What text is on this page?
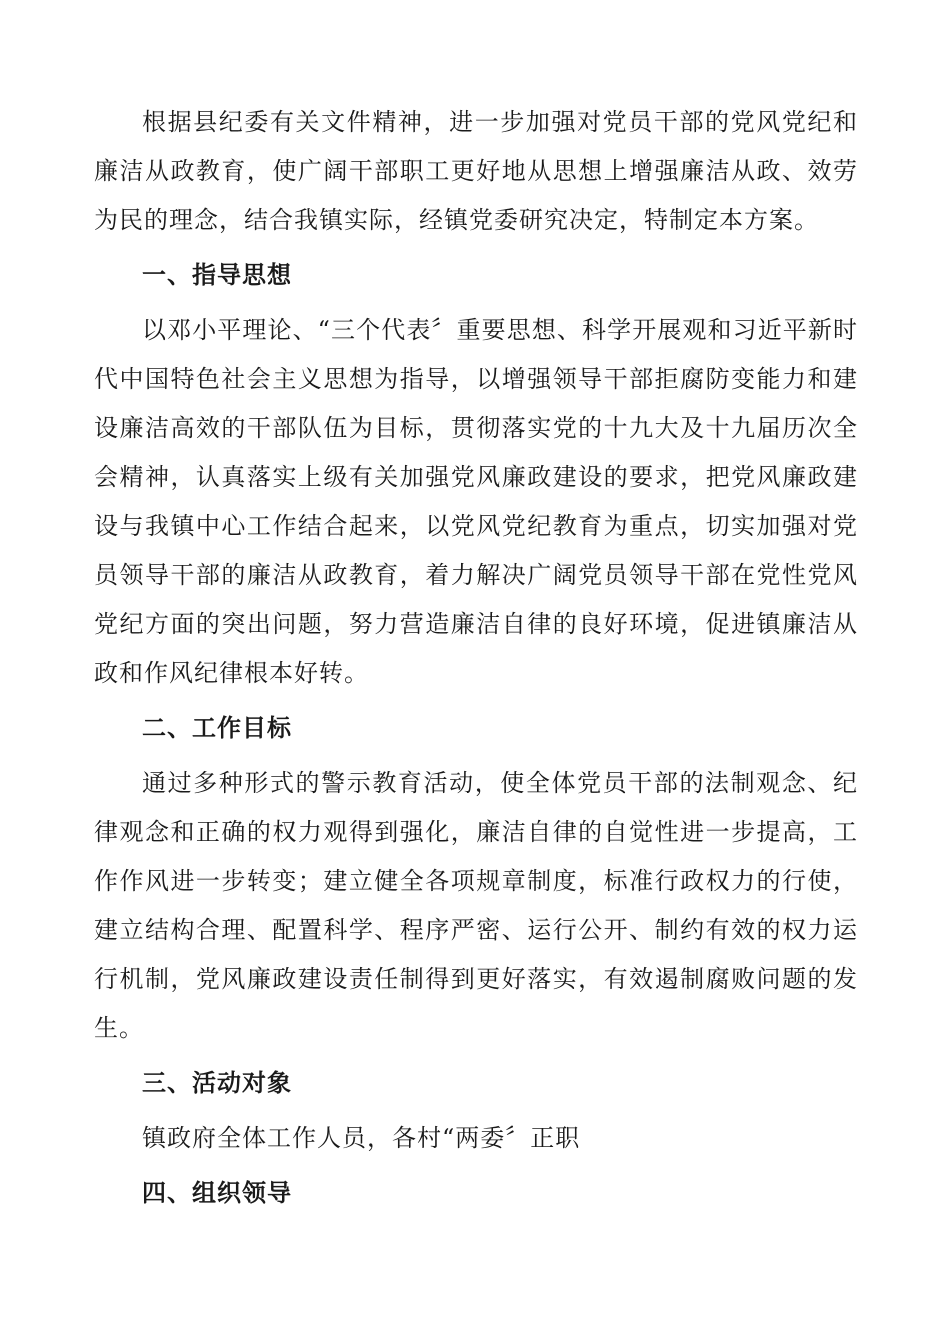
根据县纪委有关文件精神，进一步加强对党员干部的党风党纪和廉洁从政教育，使广阔干部职工更好地从思想上增强廉洁从政、效劳为民的理念，结合我镇实际，经镇党委研究决定，特制定本方案。

一、指导思想

以邓小平理论、“三个代表〞重要思想、科学开展观和习近平新时代中国特色社会主义思想为指导，以增强领导干部拒腐防变能力和建设廉洁高效的干部队伍为目标，贯彻落实党的十九大及十九届历次全会精神，认真落实上级有关加强党风廉政建设的要求，把党风廉政建设与我镇中心工作结合起来，以党风党纪教育为重点，切实加强对党员领导干部的廉洁从政教育，着力解决广阔党员领导干部在党性党风党纪方面的突出问题，努力营造廉洁自律的良好环境，促进镇廉洁从政和作风纪律根本好转。

二、工作目标

通过多种形式的警示教育活动，使全体党员干部的法制观念、纪律观念和正确的权力观得到强化，廉洁自律的自觉性进一步提高，工作作风进一步转变；建立健全各项规章制度，标准行政权力的行使，建立结构合理、配置科学、程序严密、运行公开、制约有效的权力运行机制，党风廉政建设责任制得到更好落实，有效遏制腐败问题的发生。

三、活动对象

镇政府全体工作人员，各村“两委〞正职

四、组织领导
